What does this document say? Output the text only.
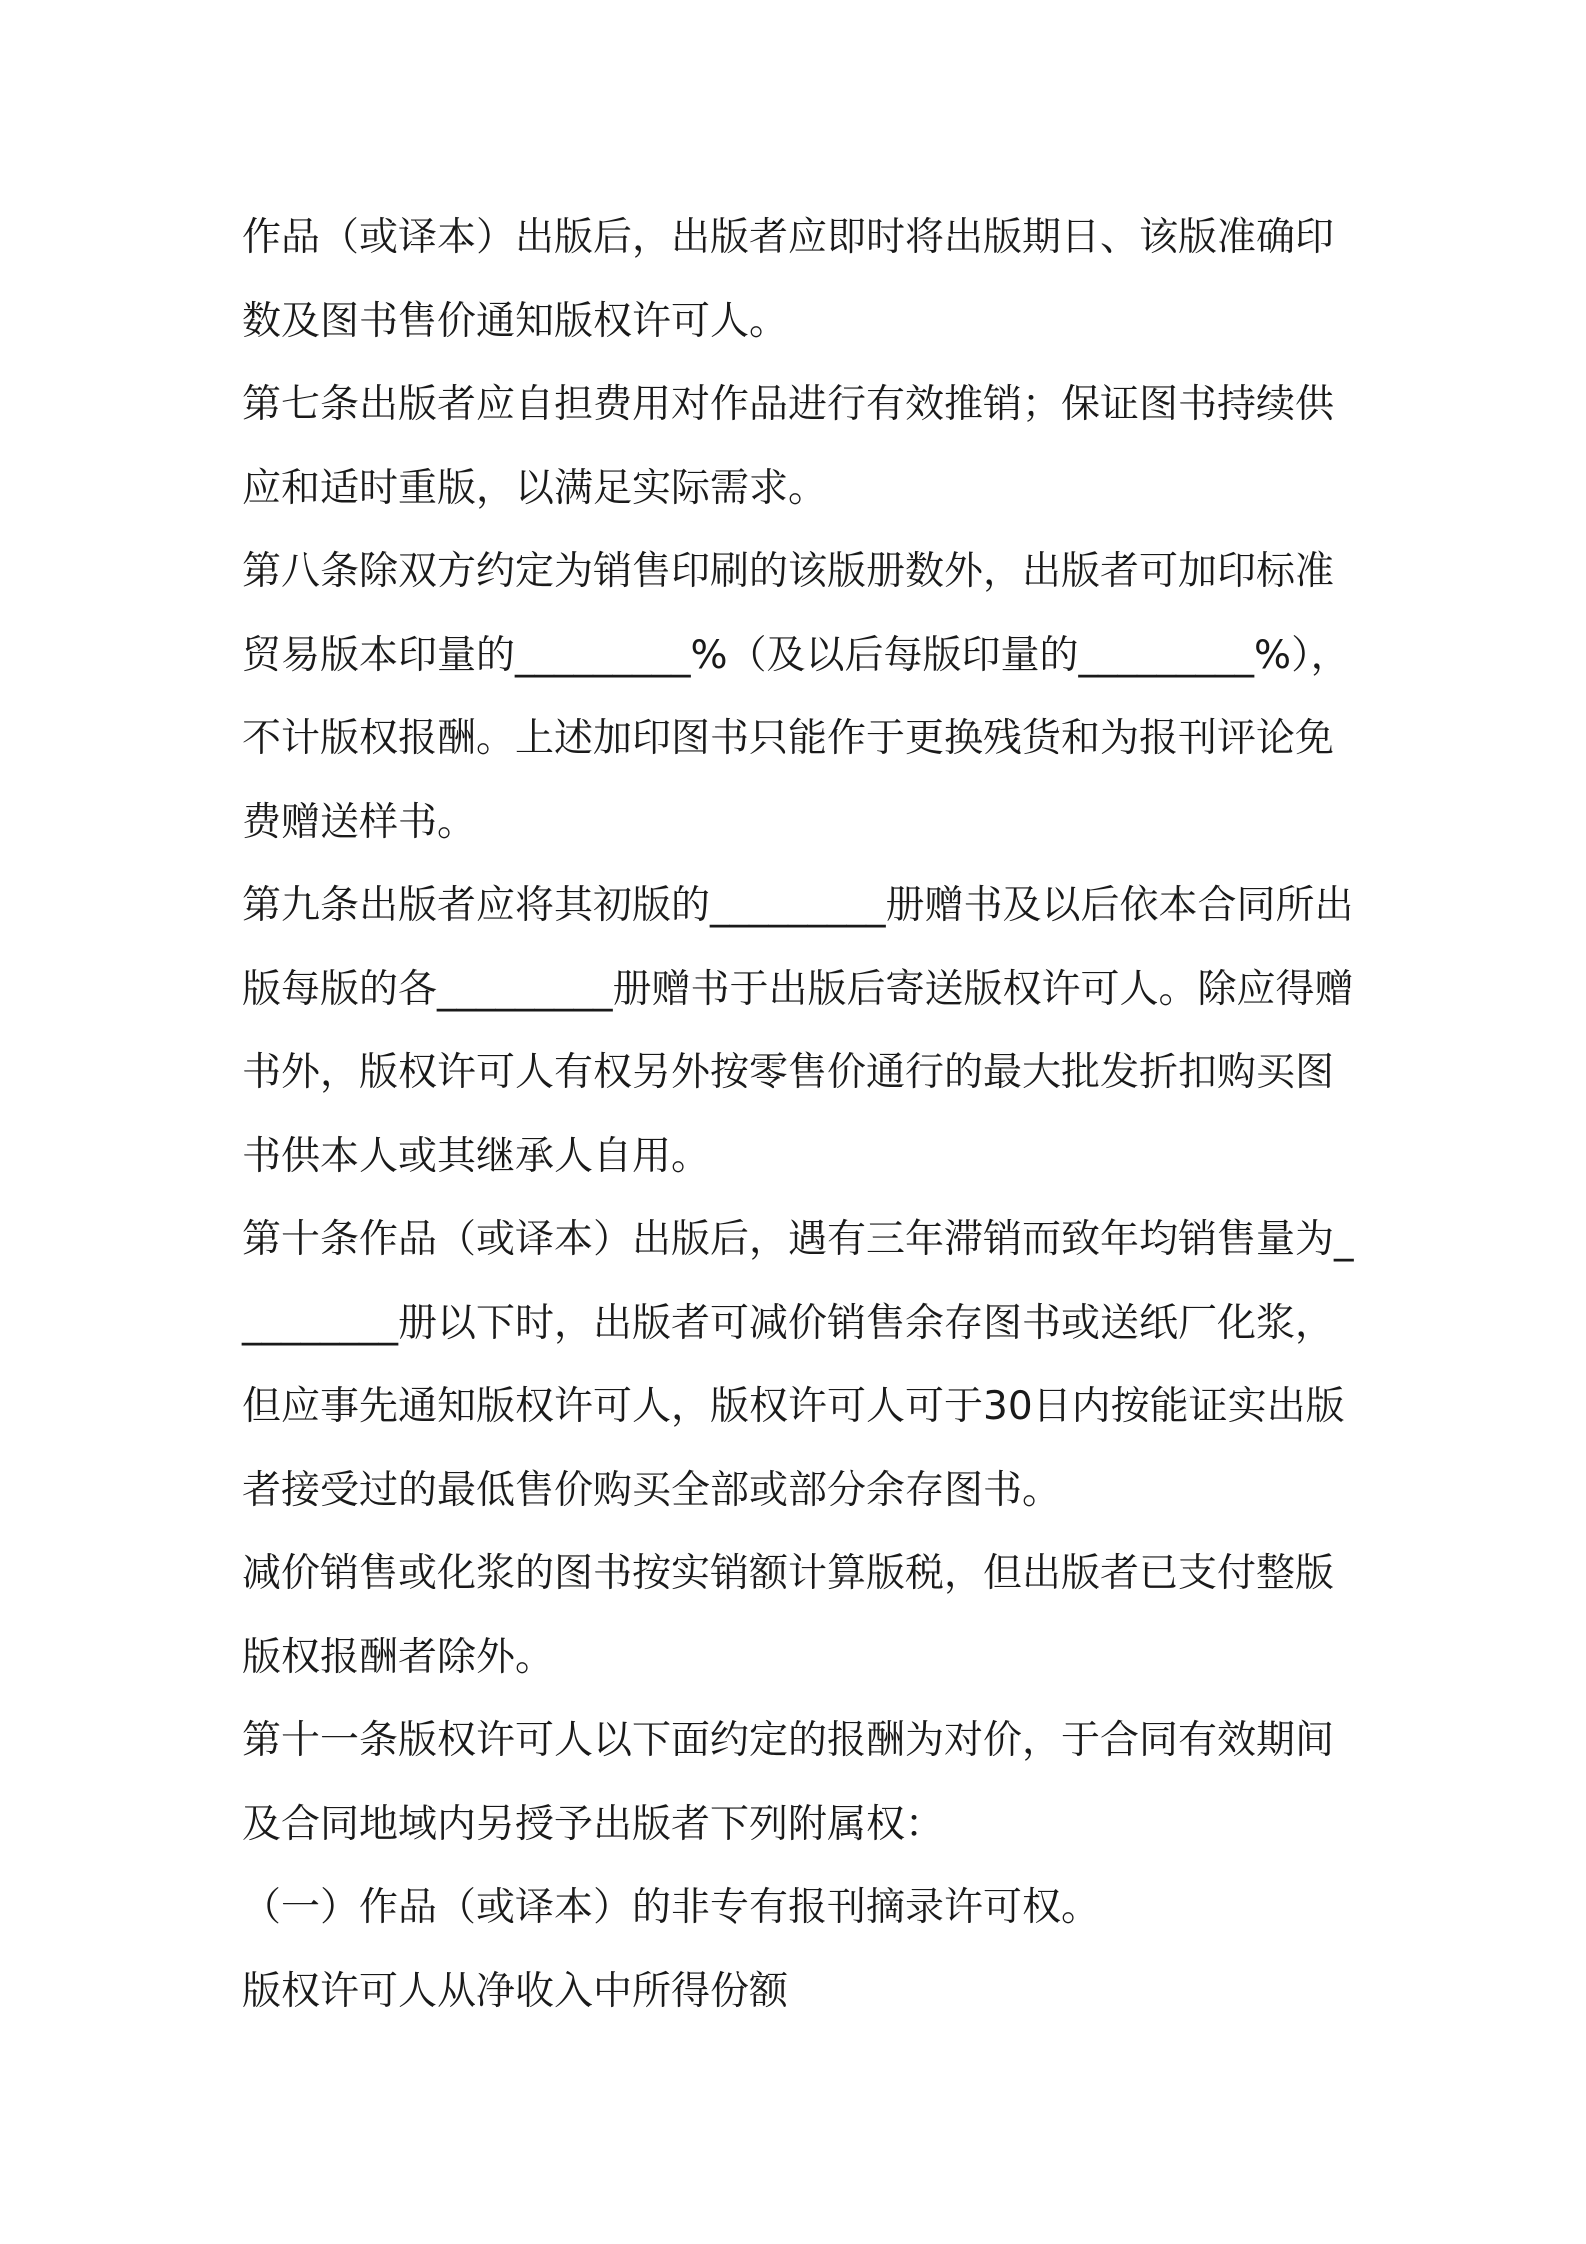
作品（或译本）出版后，出版者应即时将出版期日、该版准确印数及图书售价通知版权许可人。

第七条出版者应自担费用对作品进行有效推销；保证图书持续供应和适时重版，以满足实际需求。

第八条除双方约定为销售印刷的该版册数外，出版者可加印标准贸易版本印量的_________%（及以后每版印量的_________%），不计版权报酬。上述加印图书只能作于更换残货和为报刊评论免费赠送样书。

第九条出版者应将其初版的_________册赠书及以后依本合同所出版每版的各_________册赠书于出版后寄送版权许可人。除应得赠书外，版权许可人有权另外按零售价通行的最大批发折扣购买图书供本人或其继承人自用。

第十条作品（或译本）出版后，遇有三年滞销而致年均销售量为_________册以下时，出版者可减价销售余存图书或送纸厂化浆，但应事先通知版权许可人，版权许可人可于30日内按能证实出版者接受过的最低售价购买全部或部分余存图书。

减价销售或化浆的图书按实销额计算版税，但出版者已支付整版版权报酬者除外。

第十一条版权许可人以下面约定的报酬为对价，于合同有效期间及合同地域内另授予出版者下列附属权：

（一）作品（或译本）的非专有报刊摘录许可权。

版权许可人从净收入中所得份额
